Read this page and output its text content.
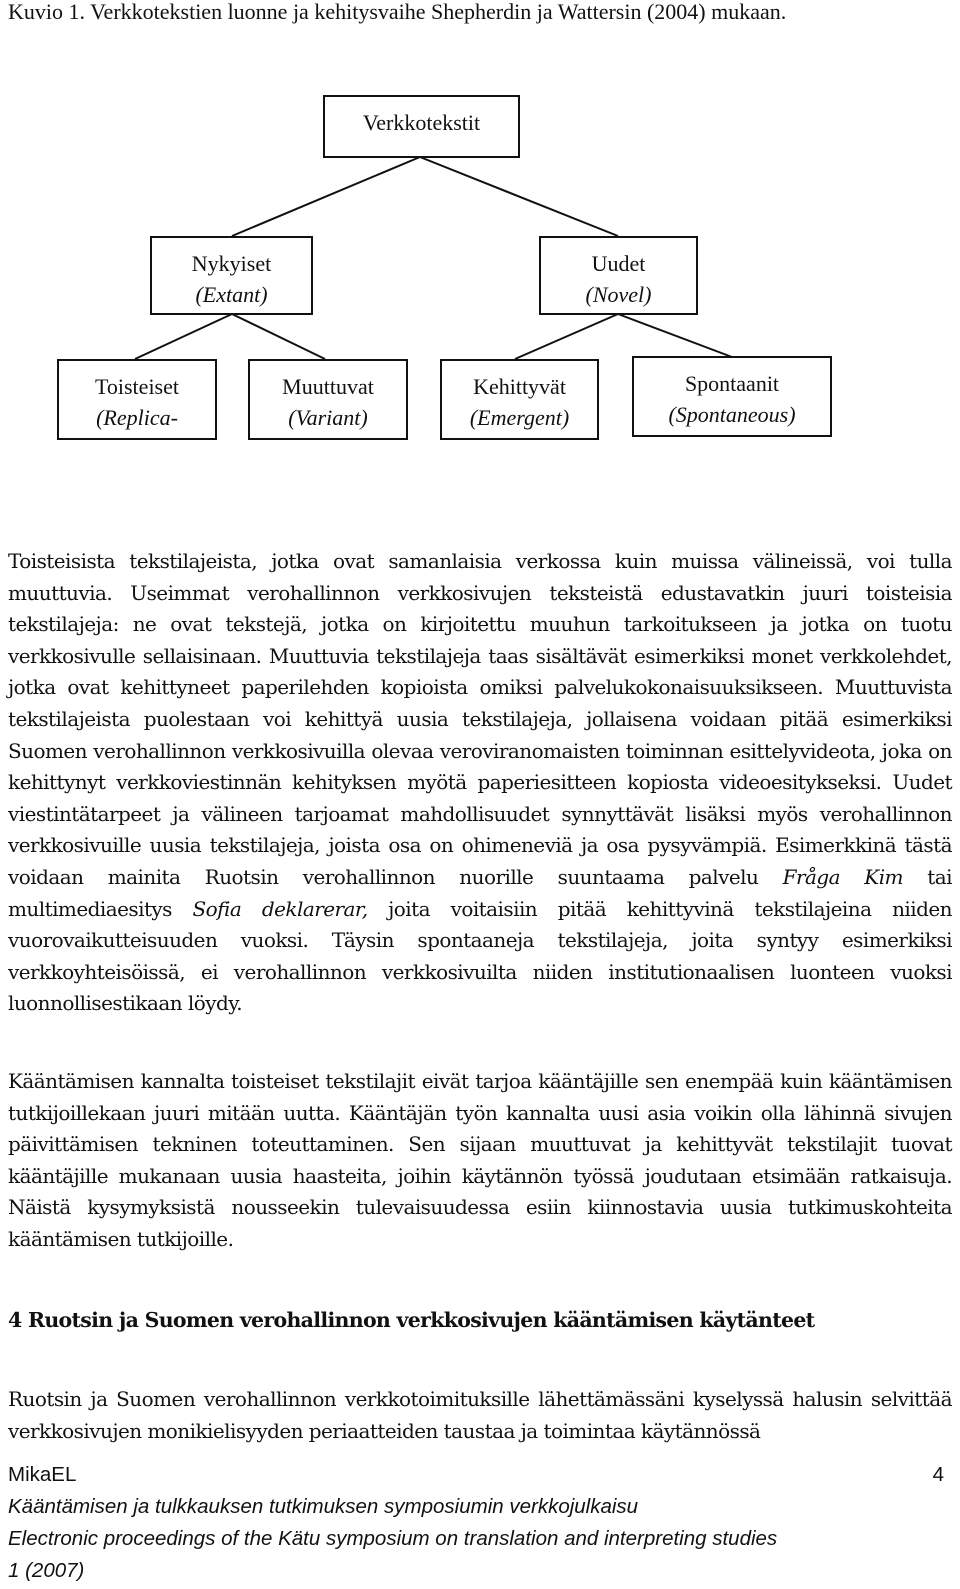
Kuvio 1. Verkkotekstien luonne ja kehitysvaihe Shepherdin ja Wattersin (2004) mukaan.
Verkkotekstit
Nykyiset
(Extant)
Uudet
(Novel)
Toisteiset
(Replica-
Muuttuvat
(Variant)
Kehittyvät
(Emergent)
Spontaanit
(Spontaneous)

Toisteisista tekstilajeista, jotka ovat samanlaisia verkossa kuin muissa välineissä, voi tulla muuttuvia. Useimmat verohallinnon verkkosivujen teksteistä edustavatkin juuri toisteisia tekstilajeja: ne ovat tekstejä, jotka on kirjoitettu muuhun tarkoitukseen ja jotka on tuotu verkkosivulle sellaisinaan. Muuttuvia tekstilajeja taas sisältävät esimerkiksi monet verkkolehdet, jotka ovat kehittyneet paperilehden kopioista omiksi palvelukokonaisuuksikseen. Muuttuvista tekstilajeista puolestaan voi kehittyä uusia tekstilajeja, jollaisena voidaan pitää esimerkiksi Suomen verohallinnon verkkosivuilla olevaa veroviranomaisten toiminnan esittelyvideota, joka on kehittynyt verkkoviestinnän kehityksen myötä paperiesitteen kopiosta videoesitykseksi. Uudet viestintätarpeet ja välineen tarjoamat mahdollisuudet synnyttävät lisäksi myös verohallinnon verkkosivuille uusia tekstilajeja, joista osa on ohimeneviä ja osa pysyvämpiä. Esimerkkinä tästä voidaan mainita Ruotsin verohallinnon nuorille suuntaama palvelu Fråga Kim tai multimediaesitys Sofia deklarerar, joita voitaisiin pitää kehittyvinä tekstilajeina niiden vuorovaikutteisuuden vuoksi. Täysin spontaaneja tekstilajeja, joita syntyy esimerkiksi verkkoyhteisöissä, ei verohallinnon verkkosivuilta niiden institutionaalisen luonteen vuoksi luonnollisestikaan löydy.

Kääntämisen kannalta toisteiset tekstilajit eivät tarjoa kääntäjille sen enempää kuin kääntämisen tutkijoillekaan juuri mitään uutta. Kääntäjän työn kannalta uusi asia voikin olla lähinnä sivujen päivittämisen tekninen toteuttaminen. Sen sijaan muuttuvat ja kehittyvät tekstilajit tuovat kääntäjille mukanaan uusia haasteita, joihin käytännön työssä joudutaan etsimään ratkaisuja. Näistä kysymyksistä nousseekin tulevaisuudessa esiin kiinnostavia uusia tutkimuskohteita kääntämisen tutkijoille.

4 Ruotsin ja Suomen verohallinnon verkkosivujen kääntämisen käytänteet

Ruotsin ja Suomen verohallinnon verkkotoimituksille lähettämässäni kyselyssä halusin selvittää verkkosivujen monikielisyyden periaatteiden taustaa ja toimintaa käytännössä

MikaEL	4
Kääntämisen ja tulkkauksen tutkimuksen symposiumin verkkojulkaisu
Electronic proceedings of the Kätu symposium on translation and interpreting studies
1 (2007)
